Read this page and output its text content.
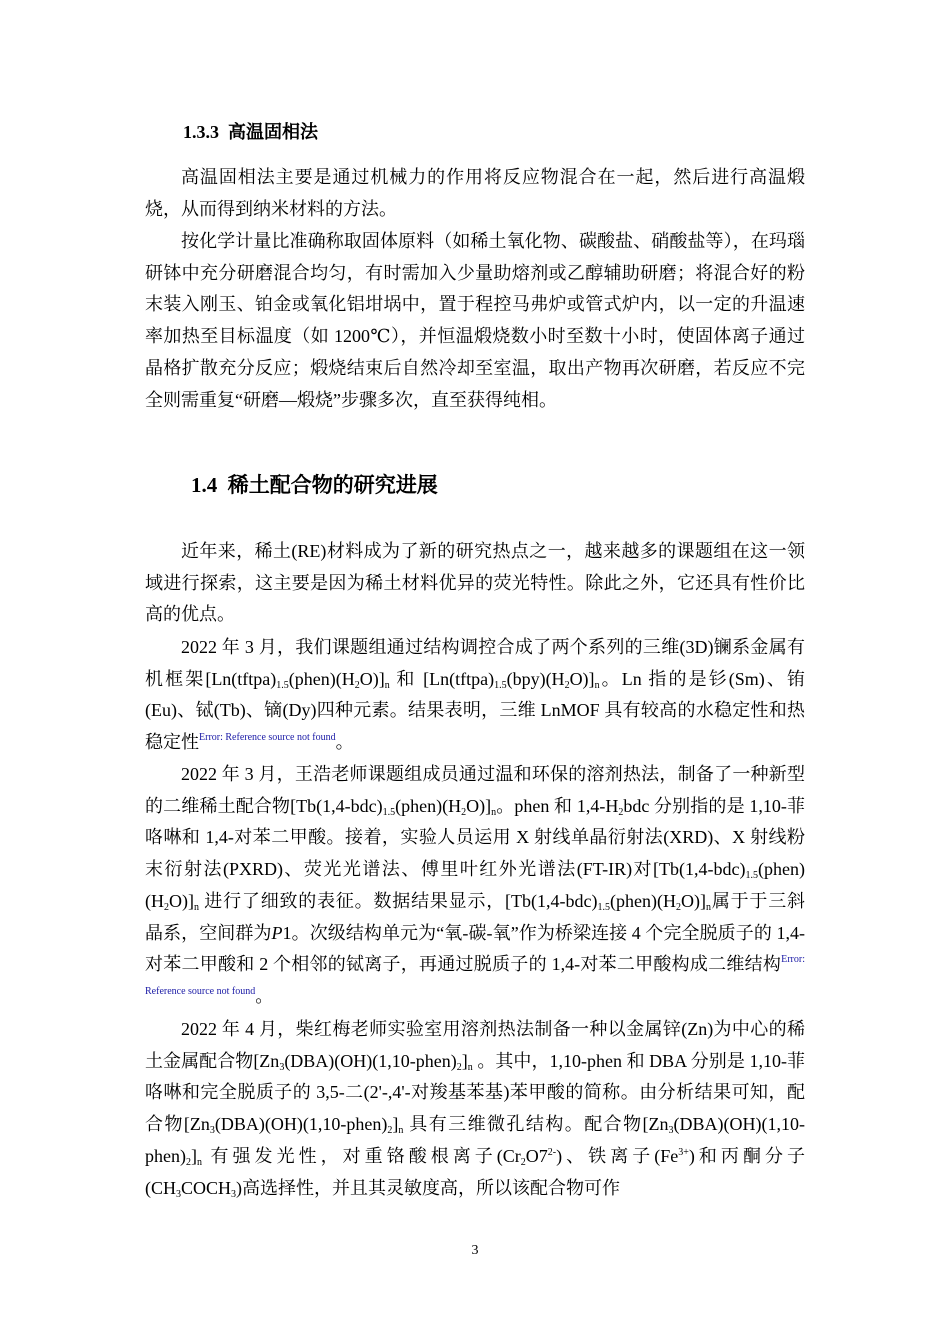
1.3.3 高温固相法

高温固相法主要是通过机械力的作用将反应物混合在一起，然后进行高温煅烧，从而得到纳米材料的方法。

按化学计量比准确称取固体原料（如稀土氧化物、碳酸盐、硝酸盐等），在玛瑙研钵中充分研磨混合均匀，有时需加入少量助熔剂或乙醇辅助研磨；将混合好的粉末装入刚玉、铂金或氧化铝坩埚中，置于程控马弗炉或管式炉内，以一定的升温速率加热至目标温度（如 1200℃），并恒温煅烧数小时至数十小时，使固体离子通过晶格扩散充分反应；煅烧结束后自然冷却至室温，取出产物再次研磨，若反应不完全则需重复“研磨—煅烧”步骤多次，直至获得纯相。

1.4 稀土配合物的研究进展

近年来，稀土(RE)材料成为了新的研究热点之一，越来越多的课题组在这一领域进行探索，这主要是因为稀土材料优异的荧光特性。除此之外，它还具有性价比高的优点。

2022 年 3 月，我们课题组通过结构调控合成了两个系列的三维(3D)镧系金属有机框架$[Ln(tftpa)_{1.5}(phen)(H_2O)]_n$ 和 $[Ln(tftpa)_{1.5}(bpy)(H_2O)]_n$。Ln 指的是钐(Sm)、铕(Eu)、铽(Tb)、镝(Dy)四种元素。结果表明，三维 LnMOF 具有较高的水稳定性和热稳定性$^{Error: Reference source not found}$。

2022 年 3 月，王浩老师课题组成员通过温和环保的溶剂热法，制备了一种新型的二维稀土配合物$[Tb(1,4-bdc)_{1.5}(phen)(H_2O)]_n$。phen 和 $1,4-H_2bdc$ 分别指的是 1,10-菲咯啉和 1,4-对苯二甲酸。接着，实验人员运用 X 射线单晶衍射法(XRD)、X 射线粉末衍射法(PXRD)、荧光光谱法、傅里叶红外光谱法(FT-IR)对$[Tb(1,4-bdc)_{1.5}(phen)(H_2O)]_n$ 进行了细致的表征。数据结果显示，$[Tb(1,4-bdc)_{1.5}(phen)(H_2O)]_n$属于于三斜晶系，空间群为P1。次级结构单元为“氧-碳-氧”作为桥梁连接 4 个完全脱质子的 1,4-对苯二甲酸和 2 个相邻的铽离子，再通过脱质子的 1,4-对苯二甲酸构成二维结构$^{Error: Reference source not found}$。

2022 年 4 月，柴红梅老师实验室用溶剂热法制备一种以金属锌(Zn)为中心的稀土金属配合物$[Zn_3(DBA)(OH)(1,10-phen)_2]_n$ 。其中，1,10-phen 和 DBA 分别是 1,10-菲咯啉和完全脱质子的 3,5-二(2'-,4'-对羧基苯基)苯甲酸的简称。由分析结果可知，配合物$[Zn_3(DBA)(OH)(1,10-phen)_2]_n$ 具有三维微孔结构。配合物$[Zn_3(DBA)(OH)(1,10-phen)_2]_n$ 有强发光性，对重铬酸根离子$(Cr_2O7^{2-})$、铁离子$(Fe^{3+})$和丙酮分子$(CH_3COCH_3)$高选择性，并且其灵敏度高，所以该配合物可作

3
